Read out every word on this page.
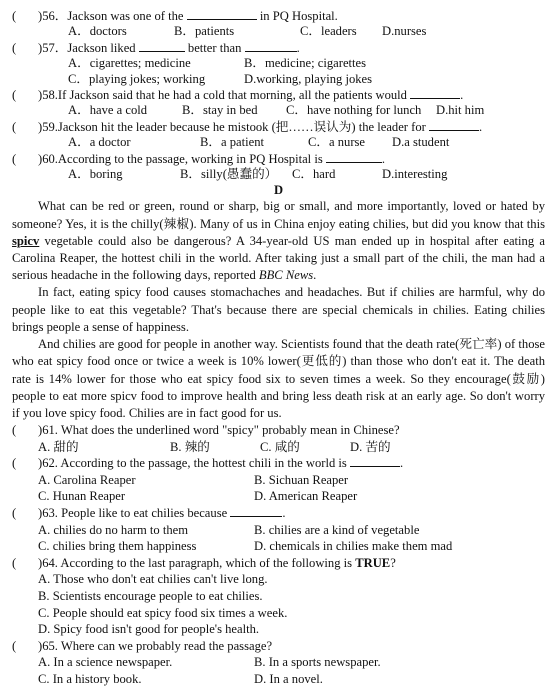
( )56．Jackson was one of the	in PQ Hospital.
A．doctors	B．patients	C．leaders	D.nurses
( )57．Jackson liked	better than	.
A．cigarettes; medicine	B．medicine; cigarettes
C．playing jokes; working	D.working, playing jokes
( )58.If Jackson said that he had a cold that morning, all the patients would	.
A．have a cold	B．stay in bed	C．have nothing for lunch	D.hit him
( )59.Jackson hit the leader because he mistook (把……误认为) the leader for	.
A．a doctor	B．a patient	C．a nurse	D.a student
( )60.According to the passage, working in PQ Hospital is	.
A．boring	B．silly(愚蠢的）	C．hard	D.interesting
D
What can be red or green, round or sharp, big or small, and more importantly, loved or hated by someone? Yes, it is the chilly(辣椒). Many of us in China enjoy eating chilies, but did you know that this spicv vegetable could also be dangerous? A 34-year-old US man ended up in hospital after eating a Carolina Reaper, the hottest chili in the world. After taking just a small part of the chili, the man had a serious headache in the following days, reported BBC News.
In fact, eating spicy food causes stomachaches and headaches. But if chilies are harmful, why do people like to eat this vegetable? That's because there are special chemicals in chilies. Eating chilies brings people a sense of happiness.
And chilies are good for people in another way. Scientists found that the death rate(死亡率) of those who eat spicy food once or twice a week is 10% lower(更低的) than those who don't eat it. The death rate is 14% lower for those who eat spicy food six to seven times a week. So they encourage(鼓励) people to eat more spicv food to improve health and bring less death risk at an early age. So don't worry if you love spicy food. Chilies are in fact good for us.
( )61. What does the underlined word "spicy" probably mean in Chinese?
A. 甜的	B. 辣的	C. 咸的	D. 苦的
( )62. According to the passage, the hottest chili in the world is	.
A. Carolina Reaper	B. Sichuan Reaper
C. Hunan Reaper	D. American Reaper
( )63. People like to eat chilies because	.
A. chilies do no harm to them	B. chilies are a kind of vegetable
C. chilies bring them happiness	D. chemicals in chilies make them mad
( )64. According to the last paragraph, which of the following is TRUE?
A. Those who don't eat chilies can't live long.
B. Scientists encourage people to eat chilies.
C. People should eat spicy food six times a week.
D. Spicy food isn't good for people's health.
( )65. Where can we probably read the passage?
A. In a science newspaper.	B. In a sports newspaper.
C. In a history book.	D. In a novel.
